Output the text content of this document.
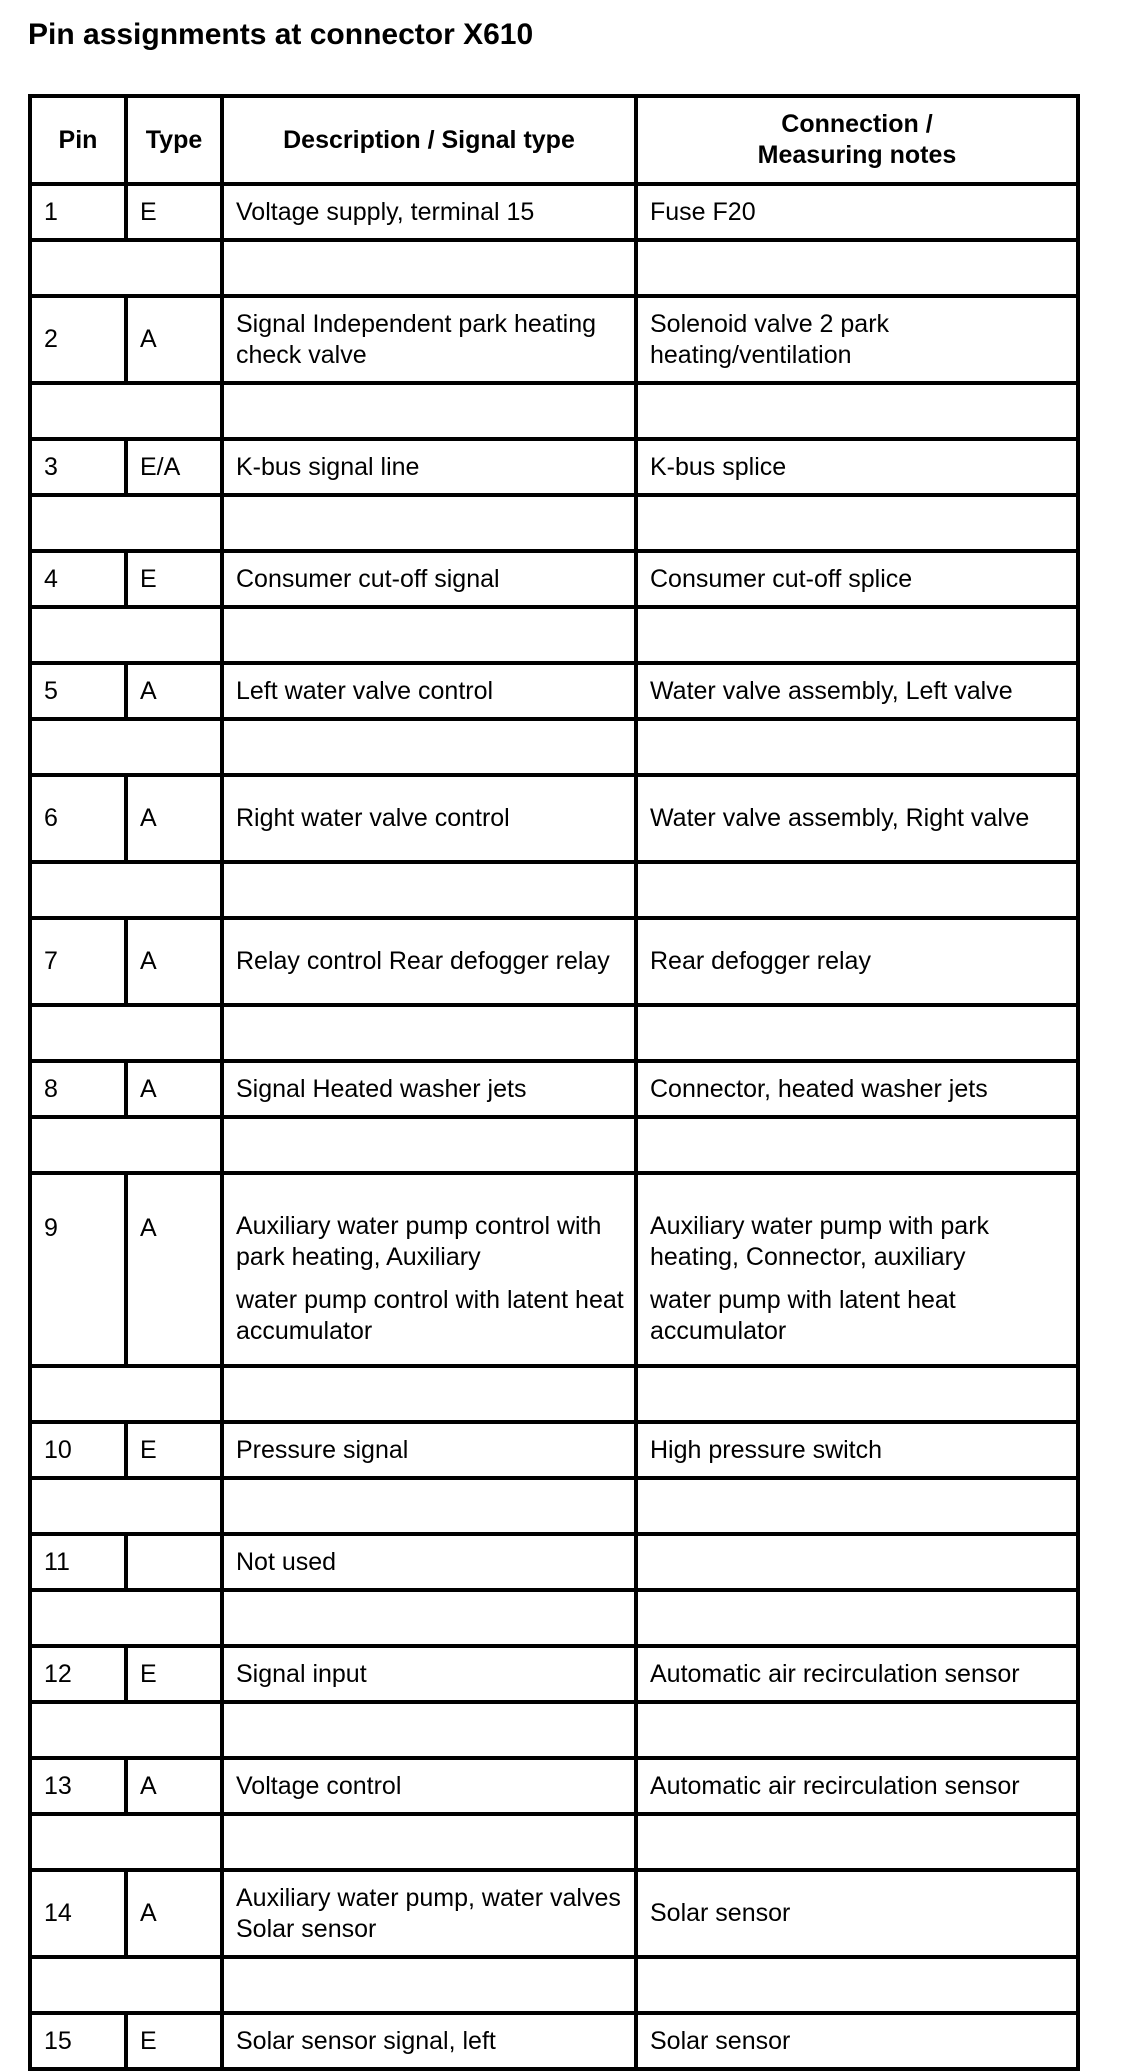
Pin assignments at connector X610
Pin	Type	Description / Signal type	Connection /
Measuring notes
1	E	Voltage supply, terminal 15	Fuse F20

2	A	Signal Independent park heating check valve	Solenoid valve 2 park heating/ventilation

3	E/A	K-bus signal line	K-bus splice

4	E	Consumer cut-off signal	Consumer cut-off splice

5	A	Left water valve control	Water valve assembly, Left valve

6	A	Right water valve control	Water valve assembly, Right valve

7	A	Relay control Rear defogger relay	Rear defogger relay

8	A	Signal Heated washer jets	Connector, heated washer jets

9	A	Auxiliary water pump control with park heating, Auxiliary	Auxiliary water pump with park heating, Connector, auxiliary
		water pump control with latent heat accumulator	water pump with latent heat accumulator

10	E	Pressure signal	High pressure switch

11		Not used	

12	E	Signal input	Automatic air recirculation sensor

13	A	Voltage control	Automatic air recirculation sensor

14	A	Auxiliary water pump, water valves Solar sensor	Solar sensor

15	E	Solar sensor signal, left	Solar sensor
